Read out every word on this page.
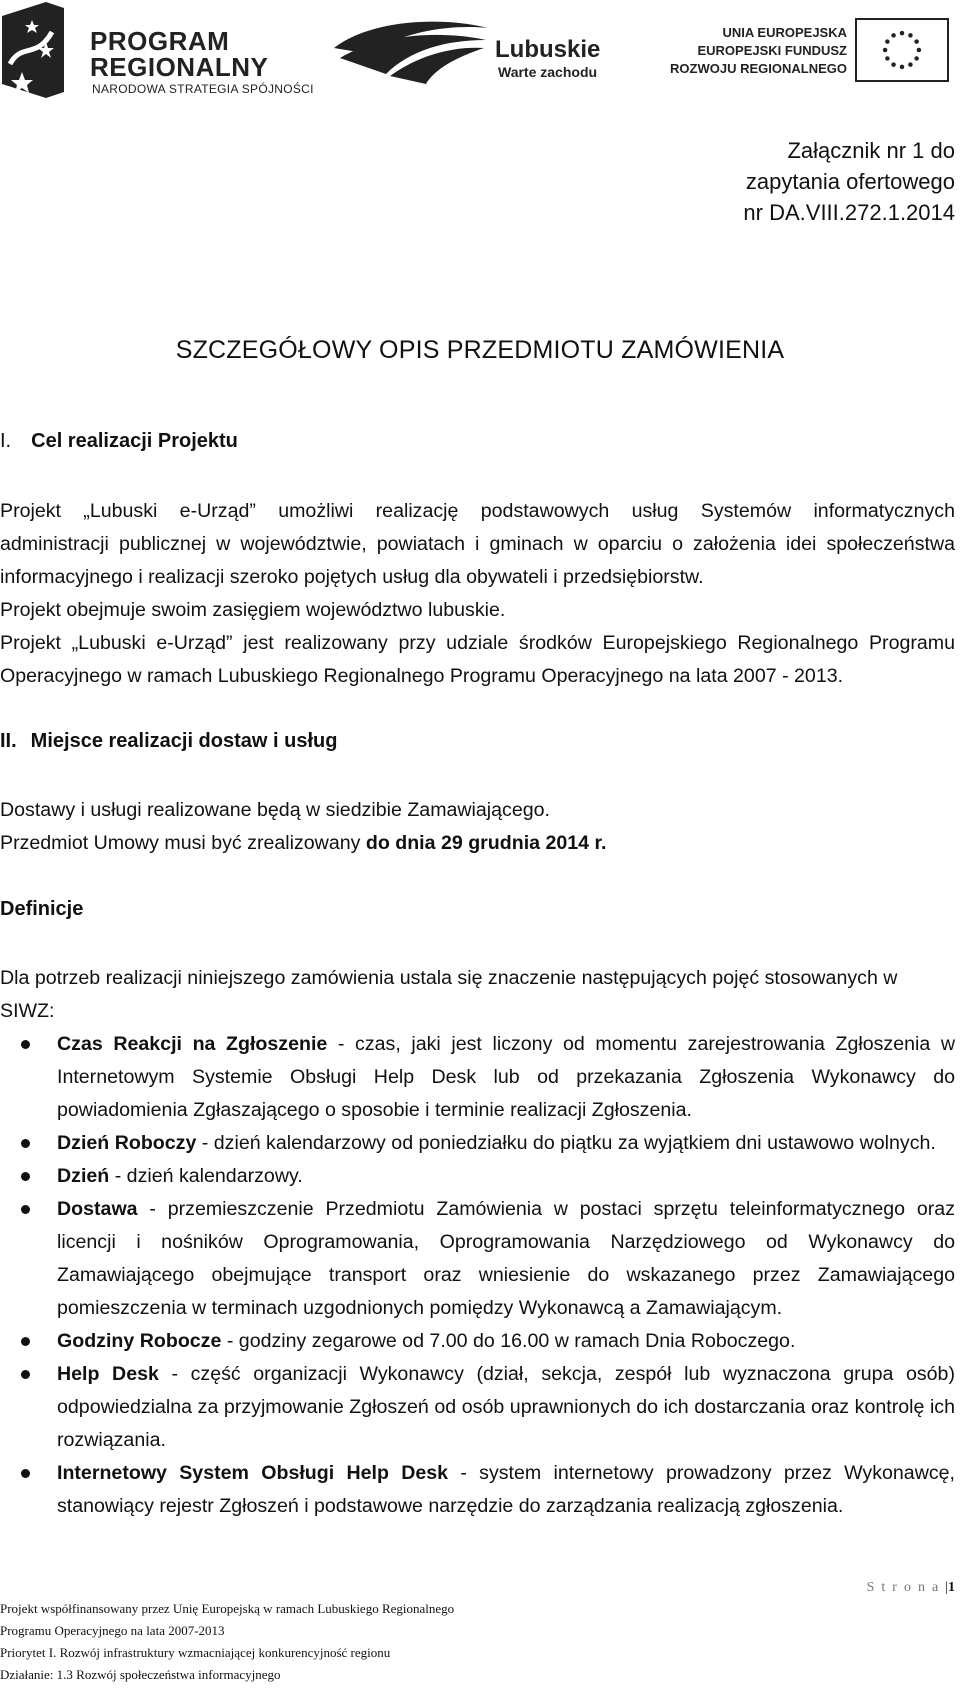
PROGRAM
REGIONALNY
NARODOWA STRATEGIA SPÓJNOŚCI
Lubuskie
Warte zachodu
UNIA EUROPEJSKA
EUROPEJSKI FUNDUSZ
ROZWOJU REGIONALNEGO
Załącznik nr 1 do
zapytania ofertowego
nr DA.VIII.272.1.2014
SZCZEGÓŁOWY OPIS PRZEDMIOTU ZAMÓWIENIA
I. Cel realizacji Projektu
Projekt „Lubuski e-Urząd” umożliwi realizację podstawowych usług Systemów informatycznych
administracji publicznej w województwie, powiatach i gminach w oparciu o założenia idei społeczeństwa
informacyjnego i realizacji szeroko pojętych usług dla obywateli i przedsiębiorstw.
Projekt obejmuje swoim zasięgiem województwo lubuskie.
Projekt „Lubuski e-Urząd” jest realizowany przy udziale środków Europejskiego Regionalnego Programu
Operacyjnego w ramach Lubuskiego Regionalnego Programu Operacyjnego na lata 2007 - 2013.
II. Miejsce realizacji dostaw i usług
Dostawy i usługi realizowane będą w siedzibie Zamawiającego.
Przedmiot Umowy musi być zrealizowany do dnia 29 grudnia 2014 r.
Definicje
Dla potrzeb realizacji niniejszego zamówienia ustala się znaczenie następujących pojęć stosowanych w SIWZ:
Czas Reakcji na Zgłoszenie - czas, jaki jest liczony od momentu zarejestrowania Zgłoszenia w Internetowym Systemie Obsługi Help Desk lub od przekazania Zgłoszenia Wykonawcy do powiadomienia Zgłaszającego o sposobie i terminie realizacji Zgłoszenia.
Dzień Roboczy - dzień kalendarzowy od poniedziałku do piątku za wyjątkiem dni ustawowo wolnych.
Dzień - dzień kalendarzowy.
Dostawa - przemieszczenie Przedmiotu Zamówienia w postaci sprzętu teleinformatycznego oraz licencji i nośników Oprogramowania, Oprogramowania Narzędziowego od Wykonawcy do Zamawiającego obejmujące transport oraz wniesienie do wskazanego przez Zamawiającego pomieszczenia w terminach uzgodnionych pomiędzy Wykonawcą a Zamawiającym.
Godziny Robocze - godziny zegarowe od 7.00 do 16.00 w ramach Dnia Roboczego.
Help Desk - część organizacji Wykonawcy (dział, sekcja, zespół lub wyznaczona grupa osób) odpowiedzialna za przyjmowanie Zgłoszeń od osób uprawnionych do ich dostarczania oraz kontrolę ich rozwiązania.
Internetowy System Obsługi Help Desk - system internetowy prowadzony przez Wykonawcę, stanowiący rejestr Zgłoszeń i podstawowe narzędzie do zarządzania realizacją zgłoszenia.
Strona|1
Projekt współfinansowany przez Unię Europejską w ramach Lubuskiego Regionalnego
Programu Operacyjnego na lata 2007-2013
Priorytet I. Rozwój infrastruktury wzmacniającej konkurencyjność regionu
Działanie: 1.3 Rozwój społeczeństwa informacyjnego
